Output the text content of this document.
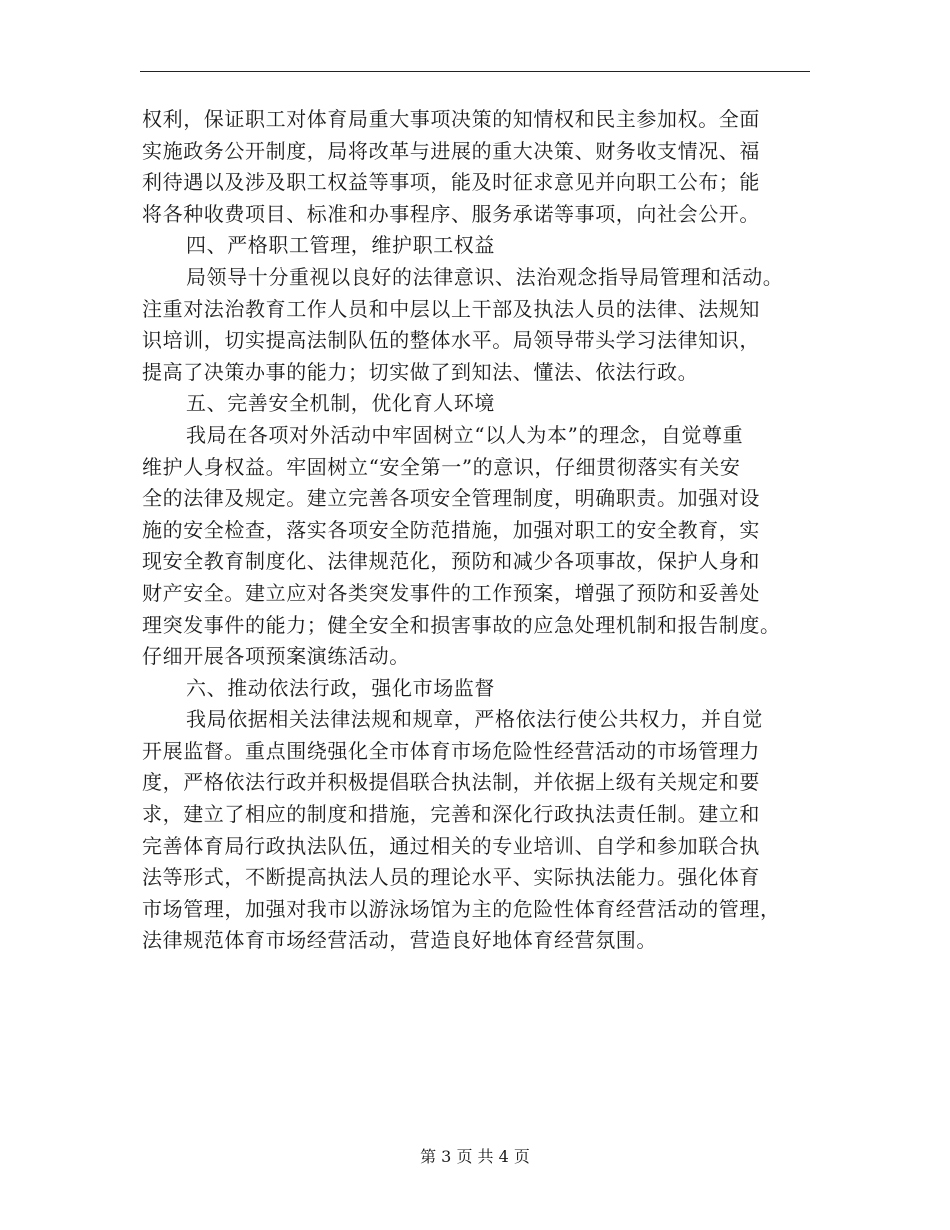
权利，保证职工对体育局重大事项决策的知情权和民主参加权。全面
实施政务公开制度，局将改革与进展的重大决策、财务收支情况、福
利待遇以及涉及职工权益等事项，能及时征求意见并向职工公布；能
将各种收费项目、标准和办事程序、服务承诺等事项，向社会公开。
四、严格职工管理，维护职工权益
局领导十分重视以良好的法律意识、法治观念指导局管理和活动。
注重对法治教育工作人员和中层以上干部及执法人员的法律、法规知
识培训，切实提高法制队伍的整体水平。局领导带头学习法律知识，
提高了决策办事的能力；切实做了到知法、懂法、依法行政。
五、完善安全机制，优化育人环境
我局在各项对外活动中牢固树立“以人为本”的理念，自觉尊重
维护人身权益。牢固树立“安全第一”的意识，仔细贯彻落实有关安
全的法律及规定。建立完善各项安全管理制度，明确职责。加强对设
施的安全检查，落实各项安全防范措施，加强对职工的安全教育，实
现安全教育制度化、法律规范化，预防和减少各项事故，保护人身和
财产安全。建立应对各类突发事件的工作预案，增强了预防和妥善处
理突发事件的能力；健全安全和损害事故的应急处理机制和报告制度。
仔细开展各项预案演练活动。
六、推动依法行政，强化市场监督
我局依据相关法律法规和规章，严格依法行使公共权力，并自觉
开展监督。重点围绕强化全市体育市场危险性经营活动的市场管理力
度，严格依法行政并积极提倡联合执法制，并依据上级有关规定和要
求，建立了相应的制度和措施，完善和深化行政执法责任制。建立和
完善体育局行政执法队伍，通过相关的专业培训、自学和参加联合执
法等形式，不断提高执法人员的理论水平、实际执法能力。强化体育
市场管理，加强对我市以游泳场馆为主的危险性体育经营活动的管理，
法律规范体育市场经营活动，营造良好地体育经营氛围。
第 3 页 共 4 页
